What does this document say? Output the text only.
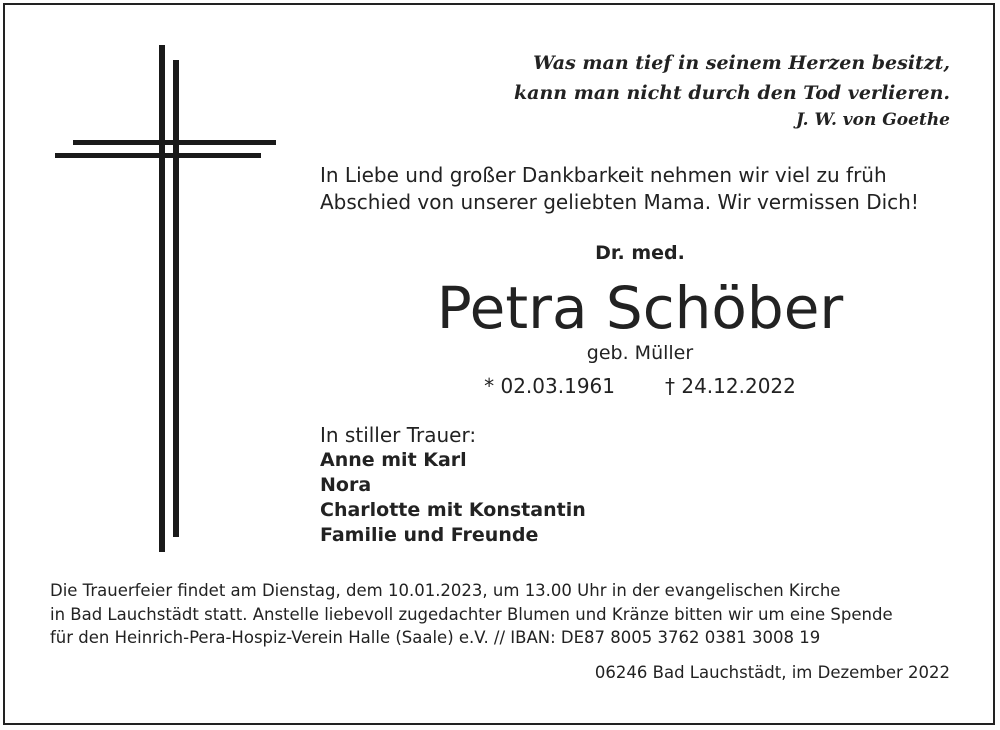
Was man tief in seinem Herzen besitzt,
kann man nicht durch den Tod verlieren.
J. W. von Goethe
In Liebe und großer Dankbarkeit nehmen wir viel zu früh
Abschied von unserer geliebten Mama. Wir vermissen Dich!
Dr. med.
Petra Schöber
geb. Müller
* 02.03.1961	† 24.12.2022
In stiller Trauer:
Anne mit Karl
Nora
Charlotte mit Konstantin
Familie und Freunde
Die Trauerfeier findet am Dienstag, dem 10.01.2023, um 13.00 Uhr in der evangelischen Kirche
in Bad Lauchstädt statt. Anstelle liebevoll zugedachter Blumen und Kränze bitten wir um eine Spende
für den Heinrich-Pera-Hospiz-Verein Halle (Saale) e.V. // IBAN: DE87 8005 3762 0381 3008 19
06246 Bad Lauchstädt, im Dezember 2022
